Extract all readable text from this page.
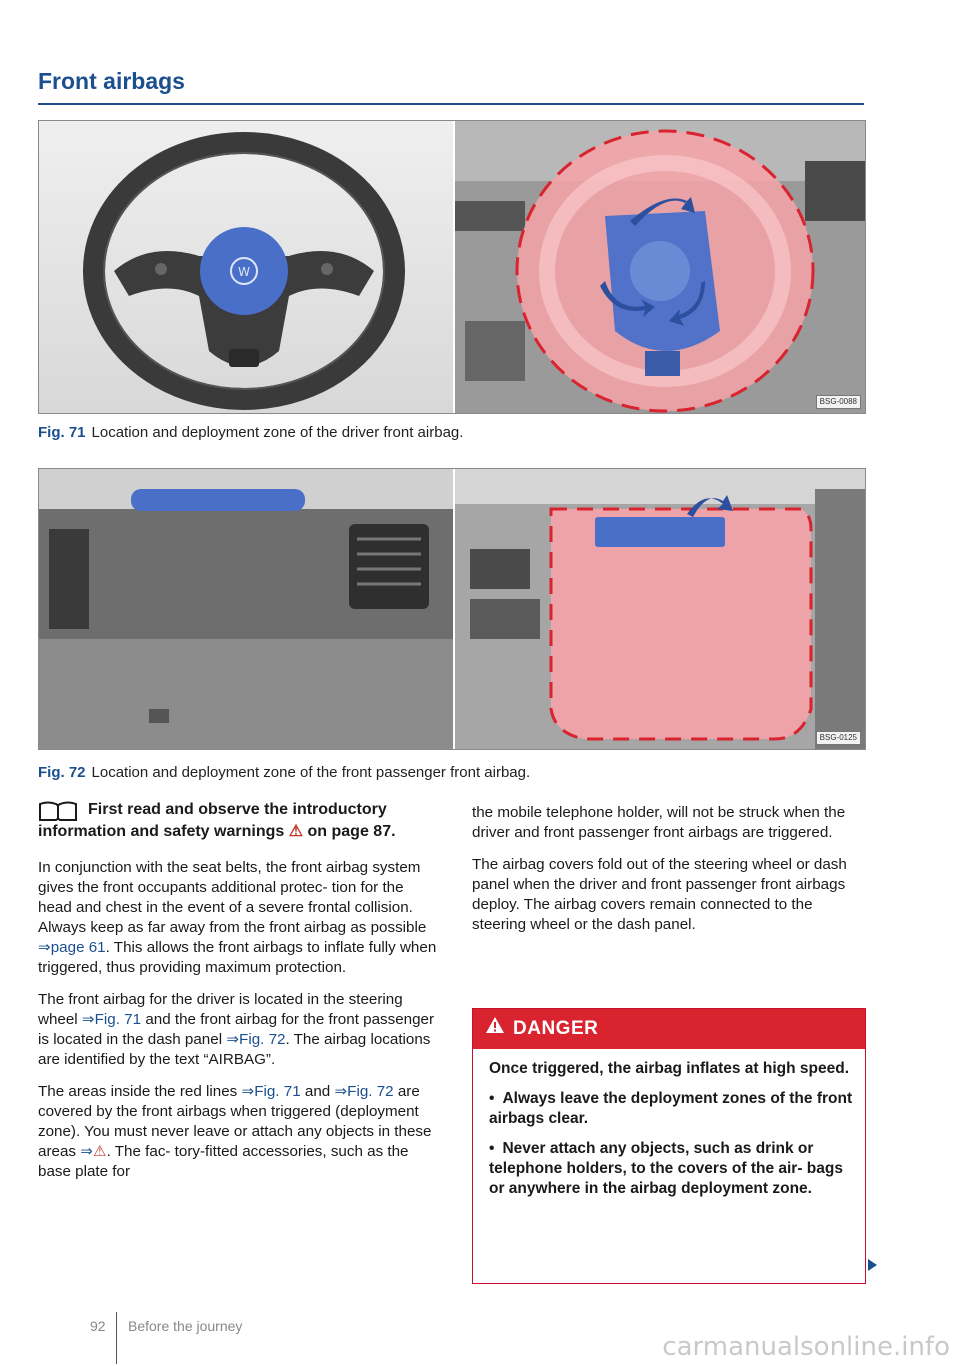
Front airbags
W
BSG-0088
Fig. 71 Location and deployment zone of the driver front airbag.
BSG-0125
Fig. 72 Location and deployment zone of the front passenger front airbag.
First read and observe the introductory information and safety warnings ⚠ on page 87.

In conjunction with the seat belts, the front airbag system gives the front occupants additional protec- tion for the head and chest in the event of a severe frontal collision. Always keep as far away from the front airbag as possible ⇒page 61. This allows the front airbags to inflate fully when triggered, thus providing maximum protection.

The front airbag for the driver is located in the steering wheel ⇒Fig. 71 and the front airbag for the front passenger is located in the dash panel ⇒Fig. 72. The airbag locations are identified by the text “AIRBAG”.

The areas inside the red lines ⇒Fig. 71 and ⇒Fig. 72 are covered by the front airbags when triggered (deployment zone). You must never leave or attach any objects in these areas ⇒⚠. The fac- tory-fitted accessories, such as the base plate for

the mobile telephone holder, will not be struck when the driver and front passenger front airbags are triggered.

The airbag covers fold out of the steering wheel or dash panel when the driver and front passenger front airbags deploy. The airbag covers remain connected to the steering wheel or the dash panel.

DANGER

Once triggered, the airbag inflates at high speed.

• Always leave the deployment zones of the front airbags clear.

• Never attach any objects, such as drink or telephone holders, to the covers of the air- bags or anywhere in the airbag deployment zone.

92 Before the journey
carmanualsonline.info
